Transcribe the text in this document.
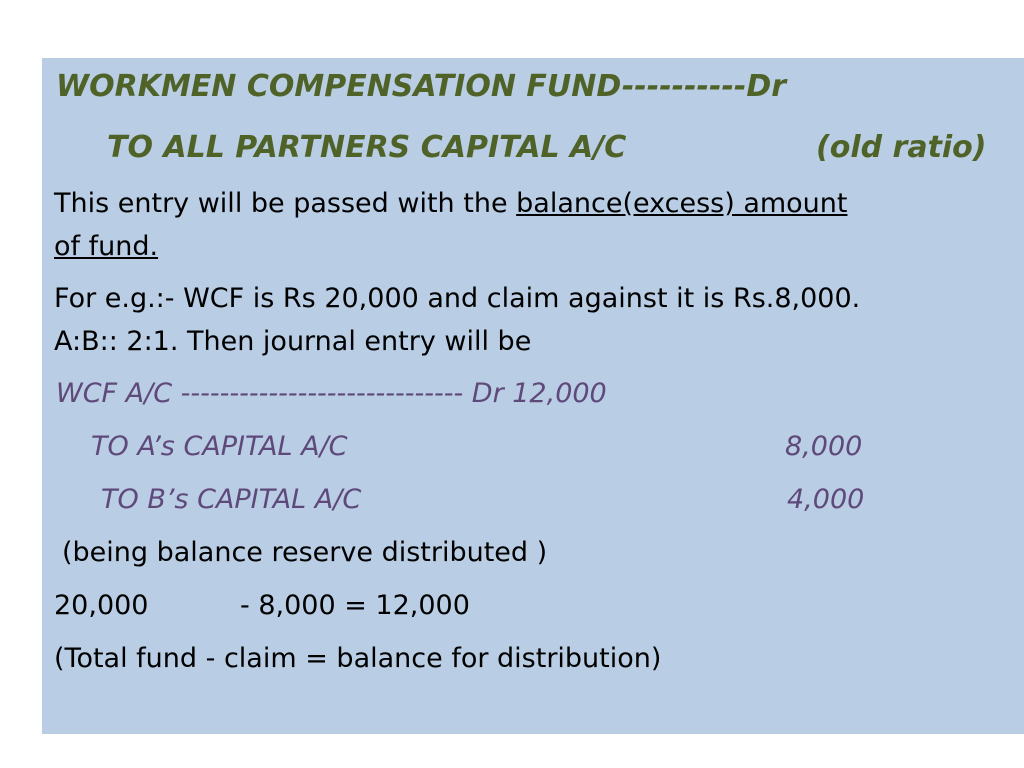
WORKMEN COMPENSATION FUND----------Dr
TO ALL PARTNERS CAPITAL A/C	(old ratio)
This entry will be passed with the balance(excess) amount
of fund.
For e.g.:- WCF is Rs 20,000 and claim against it is Rs.8,000.
A:B:: 2:1. Then journal entry will be
WCF A/C ----------------------------- Dr 12,000
TO A’s CAPITAL A/C	8,000
TO B’s CAPITAL A/C	4,000
(being balance reserve distributed )
20,000	- 8,000 = 12,000
(Total fund - claim = balance for distribution)
